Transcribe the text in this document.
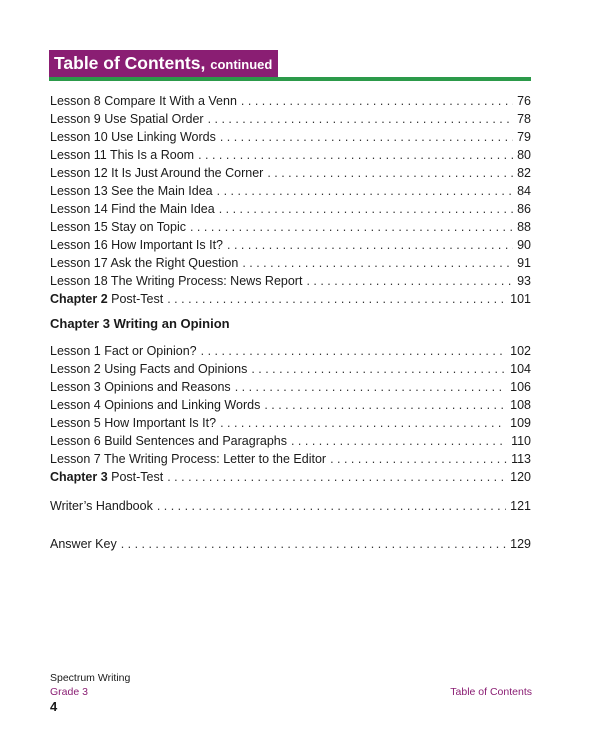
Table of Contents, continued
Lesson 8 Compare It With a Venn . . .	76
Lesson 9 Use Spatial Order . . .	78
Lesson 10 Use Linking Words . . .	79
Lesson 11 This Is a Room . . .	80
Lesson 12 It Is Just Around the Corner . . .	82
Lesson 13 See the Main Idea . . .	84
Lesson 14 Find the Main Idea . . .	86
Lesson 15 Stay on Topic . . .	88
Lesson 16 How Important Is It? . . .	90
Lesson 17 Ask the Right Question . . .	91
Lesson 18 The Writing Process: News Report . . .	93
Chapter 2 Post-Test . . .	101
Chapter 3 Writing an Opinion
Lesson 1 Fact or Opinion? . . .	102
Lesson 2 Using Facts and Opinions . . .	104
Lesson 3 Opinions and Reasons . . .	106
Lesson 4 Opinions and Linking Words . . .	108
Lesson 5 How Important Is It? . . .	109
Lesson 6 Build Sentences and Paragraphs . . .	110
Lesson 7 The Writing Process: Letter to the Editor . . .	113
Chapter 3 Post-Test . . .	120
Writer’s Handbook . . .	121
Answer Key . . .	129
Spectrum Writing
Grade 3	Table of Contents
4
